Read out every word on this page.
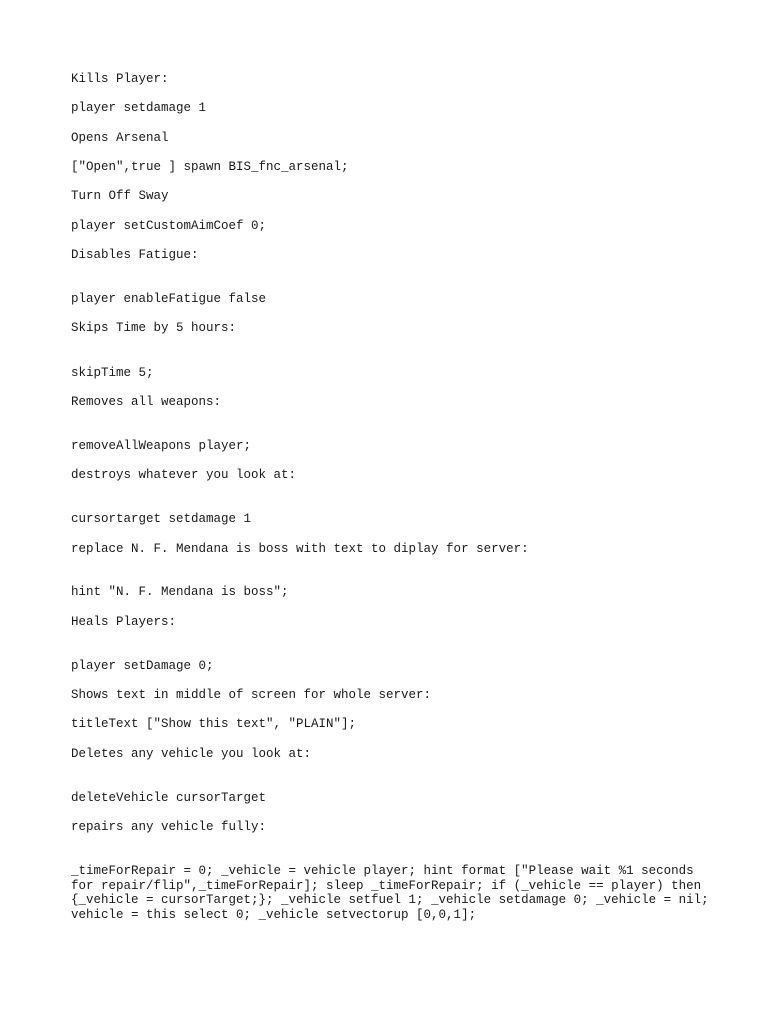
Kills Player:

player setdamage 1

Opens Arsenal

["Open",true ] spawn BIS_fnc_arsenal;

Turn Off Sway

player setCustomAimCoef 0;

Disables Fatigue:

player enableFatigue false

Skips Time by 5 hours:

skipTime 5;

Removes all weapons:

removeAllWeapons player;

destroys whatever you look at:

cursortarget setdamage 1

replace N. F. Mendana is boss with text to diplay for server:

hint "N. F. Mendana is boss";

Heals Players:

player setDamage 0;

Shows text in middle of screen for whole server:

titleText ["Show this text", "PLAIN"];

Deletes any vehicle you look at:

deleteVehicle cursorTarget

repairs any vehicle fully:

_timeForRepair = 0; _vehicle = vehicle player; hint format ["Please wait %1 seconds for repair/flip",_timeForRepair]; sleep _timeForRepair; if (_vehicle == player) then {_vehicle = cursorTarget;}; _vehicle setfuel 1; _vehicle setdamage 0; _vehicle = nil; vehicle = this select 0; _vehicle setvectorup [0,0,1];
